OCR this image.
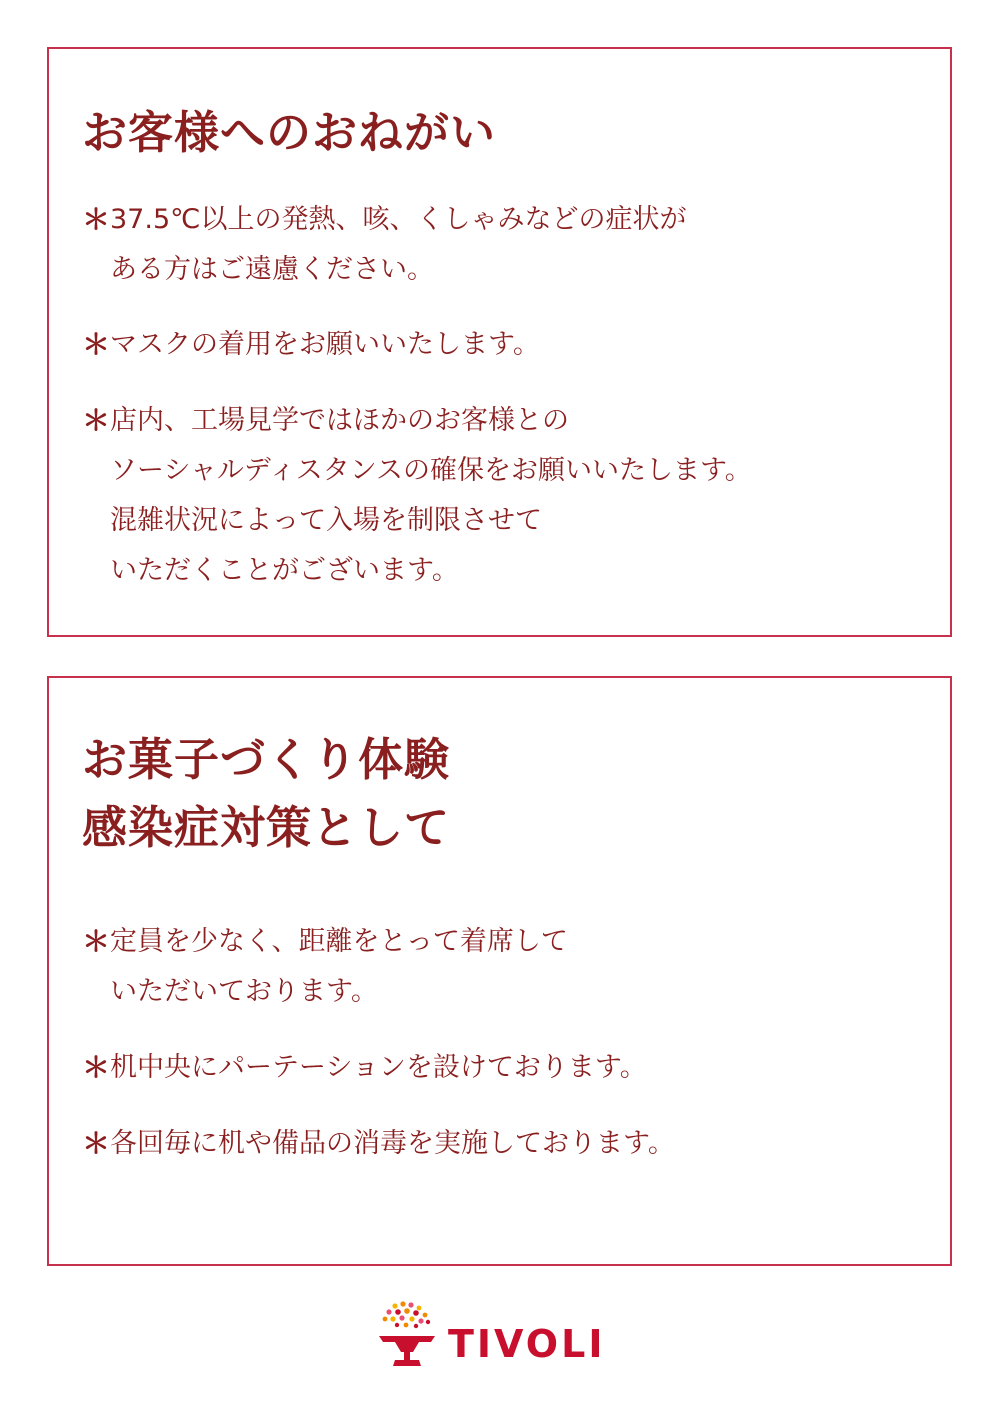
お客様へのおねがい
＊ 37.5℃以上の発熱、咳、くしゃみなどの症状が
ある方はご遠慮ください。
＊ マスクの着用をお願いいたします。
＊ 店内、工場見学ではほかのお客様との
ソーシャルディスタンスの確保をお願いいたします。
混雑状況によって入場を制限させて
いただくことがございます。
お菓子づくり体験
感染症対策として
＊ 定員を少なく、距離をとって着席して
いただいております。
＊ 机中央にパーテーションを設けております。
＊ 各回毎に机や備品の消毒を実施しております。
TIVOLI
